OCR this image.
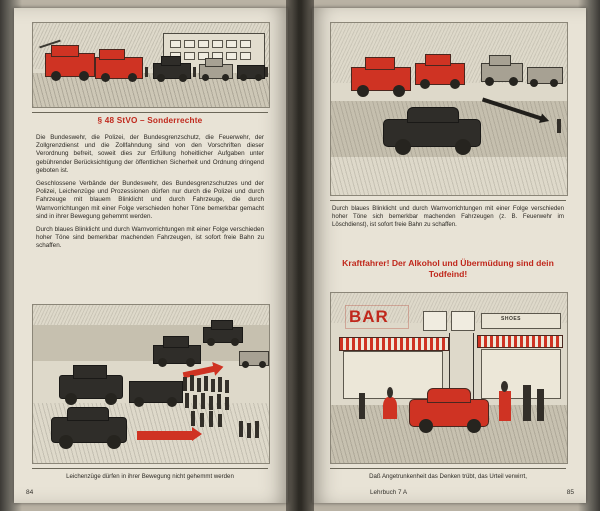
§ 48 StVO – Sonderrechte

Die Bundeswehr, die Polizei, der Bundesgrenzschutz, die Feuerwehr, der Zollgrenzdienst und die Zollfahndung sind von den Vorschriften dieser Verordnung befreit, soweit dies zur Erfüllung hoheitlicher Aufgaben unter gebührender Berücksichtigung der öffentlichen Sicherheit und Ordnung dringend geboten ist.

Geschlossene Verbände der Bundeswehr, des Bundesgrenzschutzes und der Polizei, Leichenzüge und Prozessionen dürfen nur durch die Polizei und durch Fahrzeuge mit blauem Blinklicht und durch Fahrzeuge, die durch Warnvorrichtungen mit einer Folge verschieden hoher Töne bemerkbar gemacht sind in ihrer Bewegung gehemmt werden.

Durch blaues Blinklicht und durch Warnvorrichtungen mit einer Folge verschieden hoher Töne sind bemerkbar machenden Fahrzeugen, ist sofort freie Bahn zu schaffen.

Leichenzüge dürfen in ihrer Bewegung nicht gehemmt werden
84
Durch blaues Blinklicht und durch Warnvorrichtungen mit einer Folge verschieden hoher Töne sich bemerkbar machenden Fahrzeugen (z. B. Feuerwehr im Löschdienst), ist sofort freie Bahn zu schaffen.
Kraftfahrer! Der Alkohol und Übermüdung sind dein Todfeind!
BAR	SHOES
Daß Angetrunkenheit das Denken trübt, das Urteil verwirrt,
Lehrbuch 7 A	85
